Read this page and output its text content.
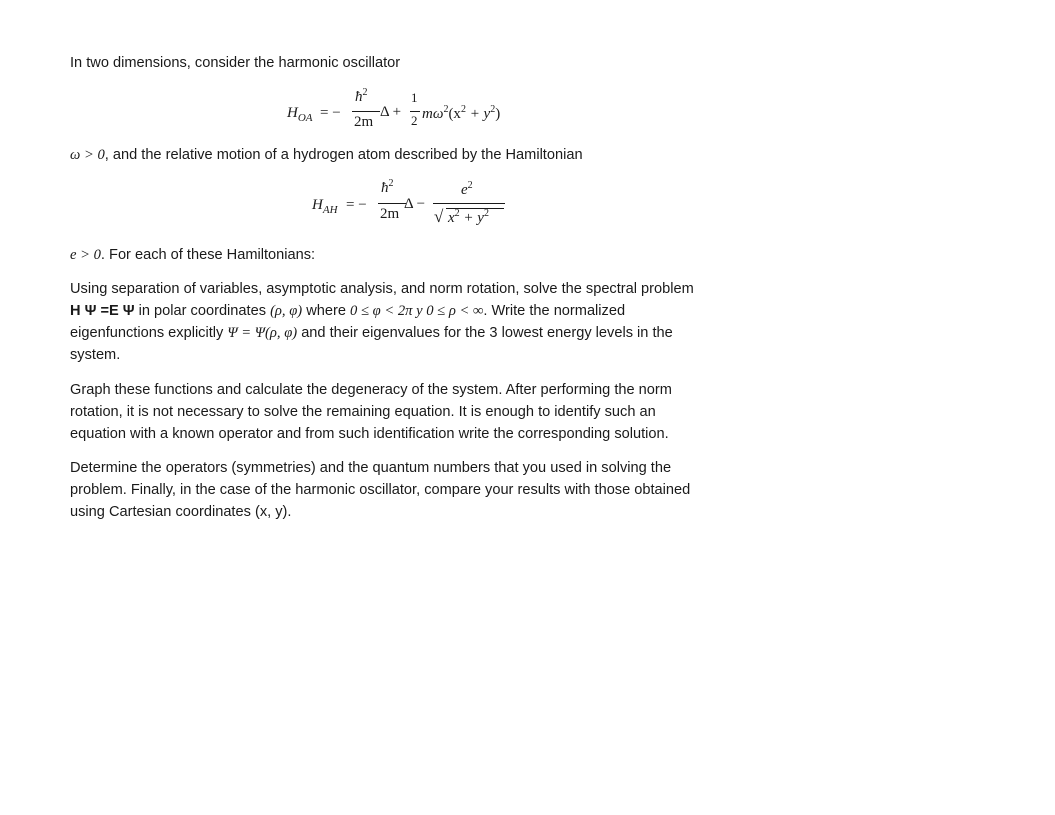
In two dimensions, consider the harmonic oscillator

$H_{OA}$ = −
$ħ^2$
2m
Δ +
1
2 $m\omega^2(x^2 + y^2)$

ω > 0, and the relative motion of a hydrogen atom described by the Hamiltonian

$H_{AH}$ = −
$ħ^2$
2m
Δ −
$e^2$
√ $x^2 + y^2$

e > 0. For each of these Hamiltonians:

Using separation of variables, asymptotic analysis, and norm rotation, solve the spectral problem
H Ψ =E Ψ in polar coordinates (ρ, φ) where 0 ≤ φ < 2π y 0 ≤ ρ < ∞. Write the normalized
eigenfunctions explicitly Ψ = Ψ(ρ, φ) and their eigenvalues for the 3 lowest energy levels in the
system.
Graph these functions and calculate the degeneracy of the system. After performing the norm
rotation, it is not necessary to solve the remaining equation. It is enough to identify such an
equation with a known operator and from such identification write the corresponding solution.
Determine the operators (symmetries) and the quantum numbers that you used in solving the
problem. Finally, in the case of the harmonic oscillator, compare your results with those obtained
using Cartesian coordinates (x, y).
